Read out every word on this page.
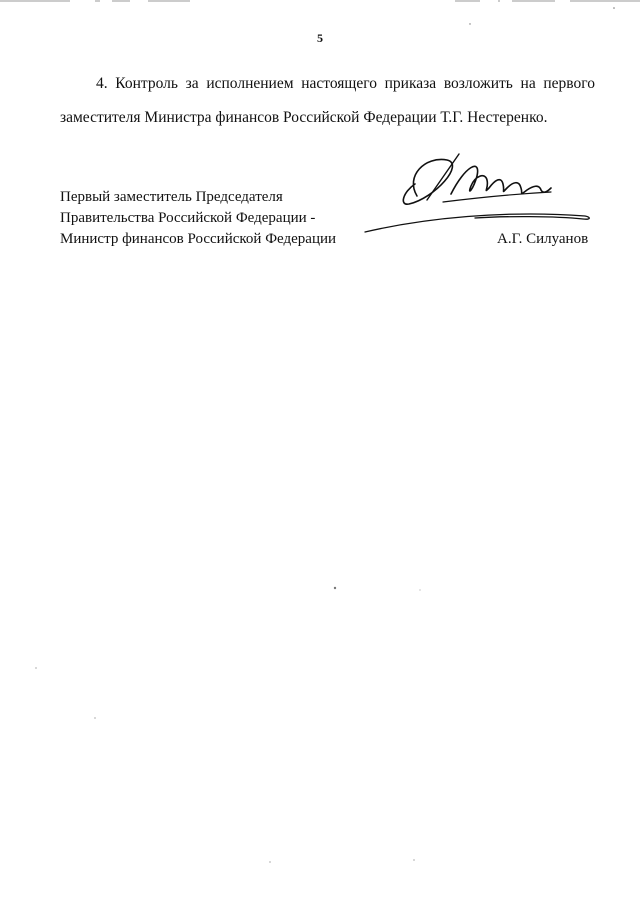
5

4. Контроль за исполнением настоящего приказа возложить на первого заместителя Министра финансов Российской Федерации Т.Г. Нестеренко.

Первый заместитель Председателя
Правительства Российской Федерации -
Министр финансов Российской Федерации	А.Г. Силуанов
